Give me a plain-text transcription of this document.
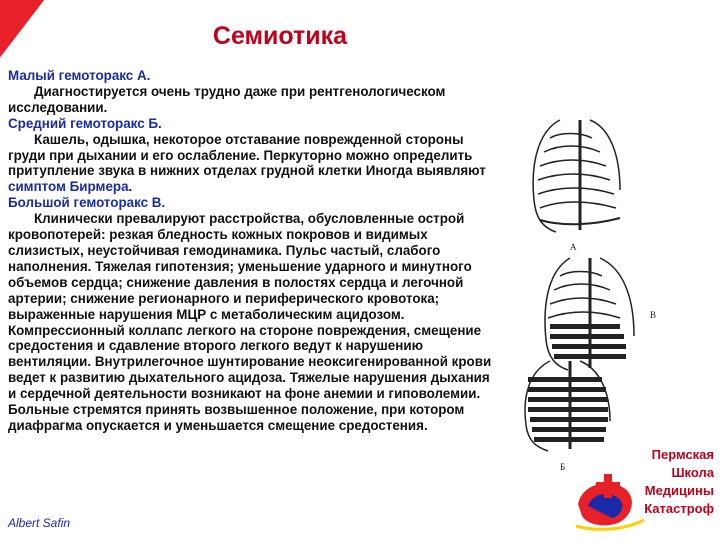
Семиотика

Малый гемоторакс А.

Диагностируется очень трудно даже при рентгенологическом исследовании.

Средний гемоторакс Б.

Кашель, одышка, некоторое отставание поврежденной стороны груди при дыхании и его ослабление. Перкуторно можно определить притупление звука в нижних отделах грудной клетки Иногда выявляют симптом Бирмера.

Большой гемоторакс В.

Клинически превалируют расстройства, обусловленные острой кровопотерей: резкая бледность кожных покровов и видимых слизистых, неустойчивая гемодинамика. Пульс частый, слабого наполнения. Тяжелая гипотензия; уменьшение ударного и минутного объемов сердца; снижение давления в полостях сердца и легочной артерии; снижение регионарного и периферического кровотока; выраженные нарушения МЦР с метаболическим ацидозом. Компрессионный коллапс легкого на стороне повреждения, смещение средостения и сдавление второго легкого ведут к нарушению вентиляции. Внутрилегочное шунтирование неоксигенированной крови ведет к развитию дыхательного ацидоза. Тяжелые нарушения дыхания и сердечной деятельности возникают на фоне анемии и гиповолемии. Больные стремятся принять возвышенное положение, при котором диафрагма опускается и уменьшается смещение средостения.

А
В
Б
Albert Safin
Пермская
Школа
Медицины
Катастроф
